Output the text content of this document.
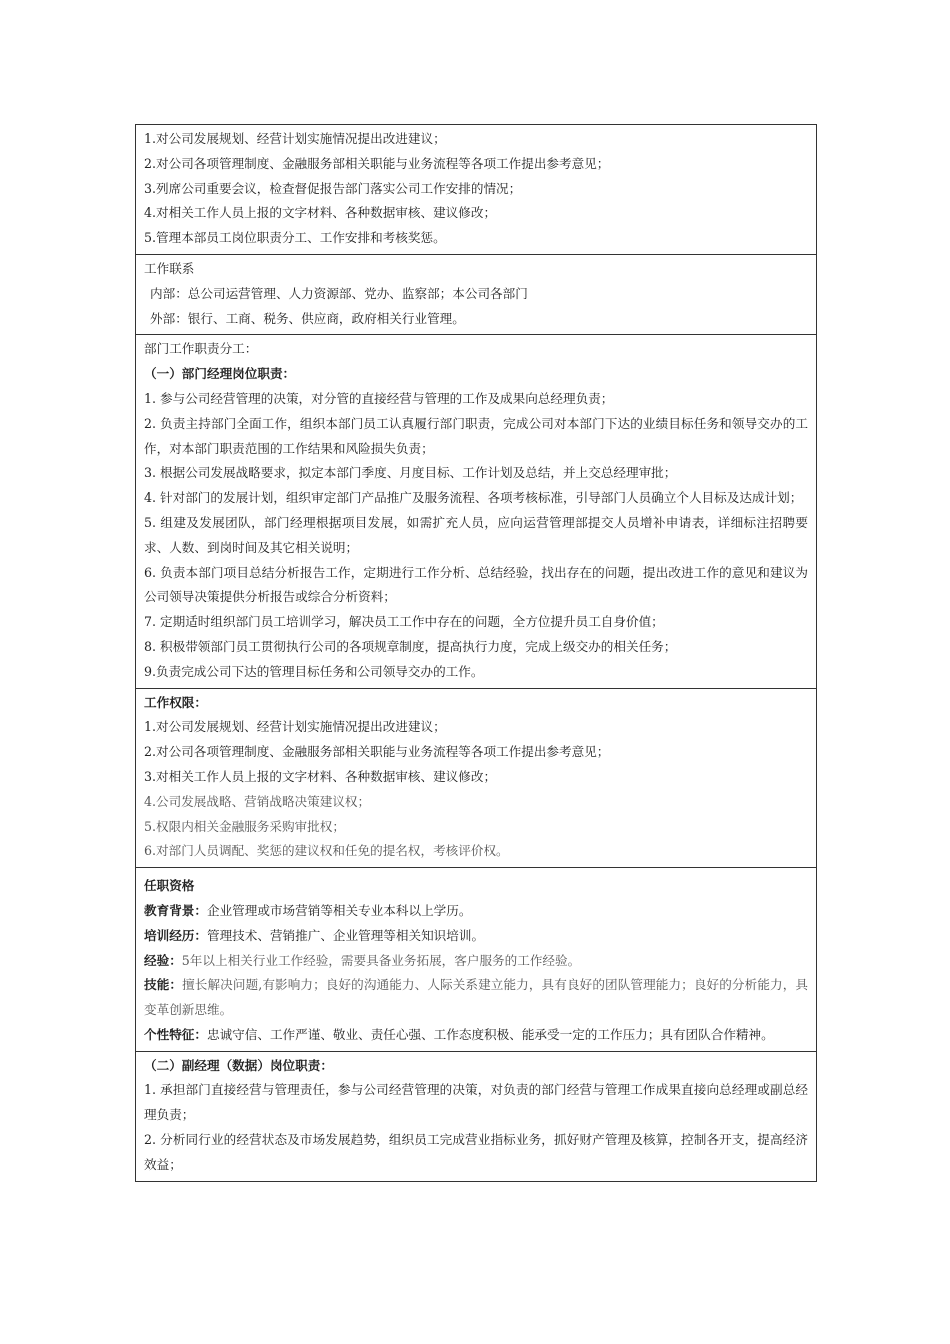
1.对公司发展规划、经营计划实施情况提出改进建议；
2.对公司各项管理制度、金融服务部相关职能与业务流程等各项工作提出参考意见；
3.列席公司重要会议，检查督促报告部门落实公司工作安排的情况；
4.对相关工作人员上报的文字材料、各种数据审核、建议修改；
5.管理本部员工岗位职责分工、工作安排和考核奖惩。
工作联系
内部：总公司运营管理、人力资源部、党办、监察部；本公司各部门
外部：银行、工商、税务、供应商，政府相关行业管理。
部门工作职责分工：
（一）部门经理岗位职责：
1. 参与公司经营管理的决策，对分管的直接经营与管理的工作及成果向总经理负责；
2. 负责主持部门全面工作，组织本部门员工认真履行部门职责，完成公司对本部门下达的业绩目标任务和领导交办的工作，对本部门职责范围的工作结果和风险损失负责；
3. 根据公司发展战略要求，拟定本部门季度、月度目标、工作计划及总结，并上交总经理审批；
4. 针对部门的发展计划，组织审定部门产品推广及服务流程、各项考核标准，引导部门人员确立个人目标及达成计划；
5. 组建及发展团队，部门经理根据项目发展，如需扩充人员，应向运营管理部提交人员增补申请表，详细标注招聘要求、人数、到岗时间及其它相关说明；
6. 负责本部门项目总结分析报告工作，定期进行工作分析、总结经验，找出存在的问题，提出改进工作的意见和建议为公司领导决策提供分析报告或综合分析资料；
7. 定期适时组织部门员工培训学习，解决员工工作中存在的问题，全方位提升员工自身价值；
8. 积极带领部门员工贯彻执行公司的各项规章制度，提高执行力度，完成上级交办的相关任务；
9.负责完成公司下达的管理目标任务和公司领导交办的工作。
工作权限：
1.对公司发展规划、经营计划实施情况提出改进建议；
2.对公司各项管理制度、金融服务部相关职能与业务流程等各项工作提出参考意见；
3.对相关工作人员上报的文字材料、各种数据审核、建议修改；
4.公司发展战略、营销战略决策建议权；
5.权限内相关金融服务采购审批权；
6.对部门人员调配、奖惩的建议权和任免的提名权，考核评价权。
任职资格
教育背景：企业管理或市场营销等相关专业本科以上学历。
培训经历：管理技术、营销推广、企业管理等相关知识培训。
经验：5年以上相关行业工作经验，需要具备业务拓展，客户服务的工作经验。
技能：擅长解决问题,有影响力；良好的沟通能力、人际关系建立能力，具有良好的团队管理能力；良好的分析能力，具变革创新思维。
个性特征：忠诚守信、工作严谨、敬业、责任心强、工作态度积极、能承受一定的工作压力；具有团队合作精神。
（二）副经理（数据）岗位职责：
1. 承担部门直接经营与管理责任，参与公司经营管理的决策，对负责的部门经营与管理工作成果直接向总经理或副总经理负责；
2. 分析同行业的经营状态及市场发展趋势，组织员工完成营业指标业务，抓好财产管理及核算，控制各开支，提高经济效益；
